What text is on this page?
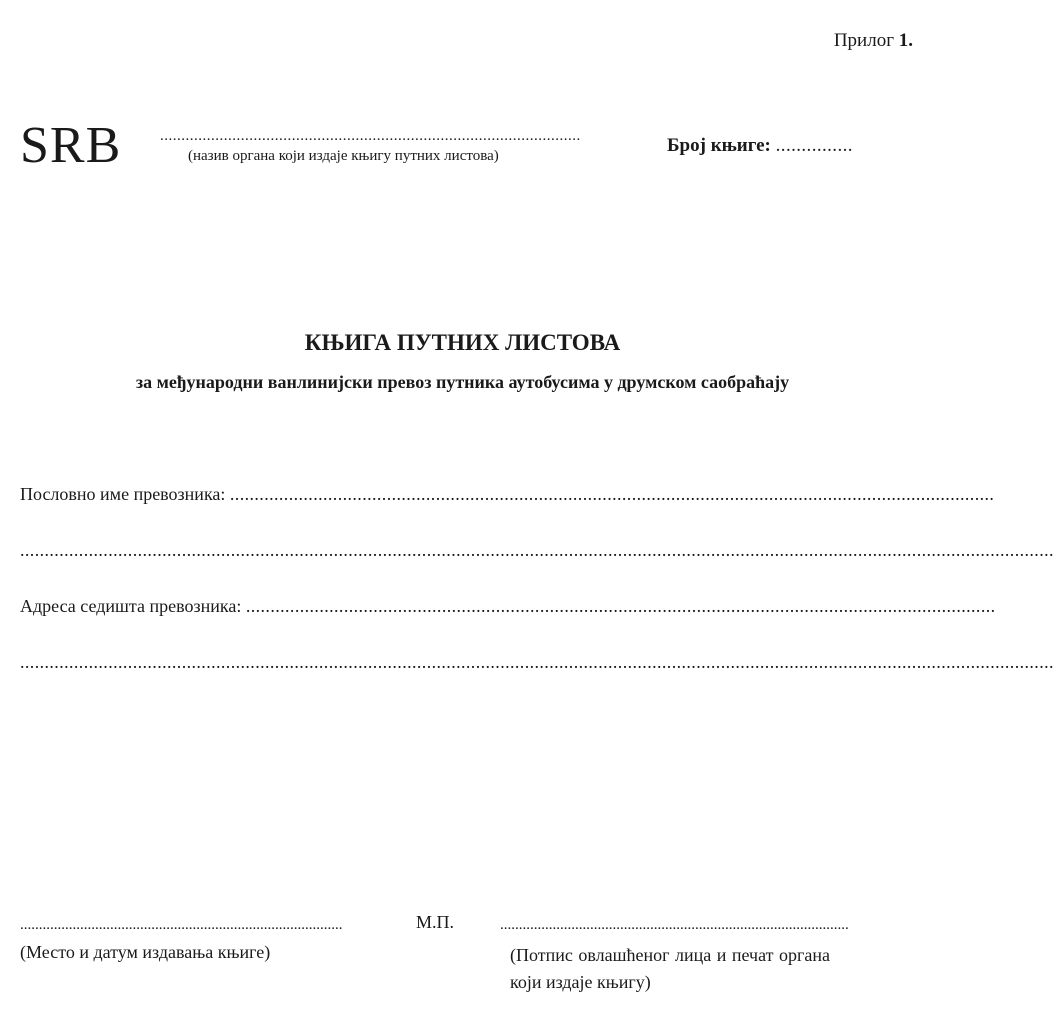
Прилог 1.
SRB	...................................................................................................
(назив органа који издаје књигу путних листова)	Број књиге: ...............
КЊИГА ПУТНИХ ЛИСТОВА
за међународни ванлинијски превоз путника аутобусима у друмском саобраћају
Пословно име превозника: ............................................................................................................................................................
...................................................................................................................................................................................................................
Адреса седишта превозника: .........................................................................................................................................................
...................................................................................................................................................................................................................
......................................................................................	М.П.	.............................................................................................
(Место и датум издавања књиге)	(Потпис овлашћеног лица и печат органа који издаје књигу)
